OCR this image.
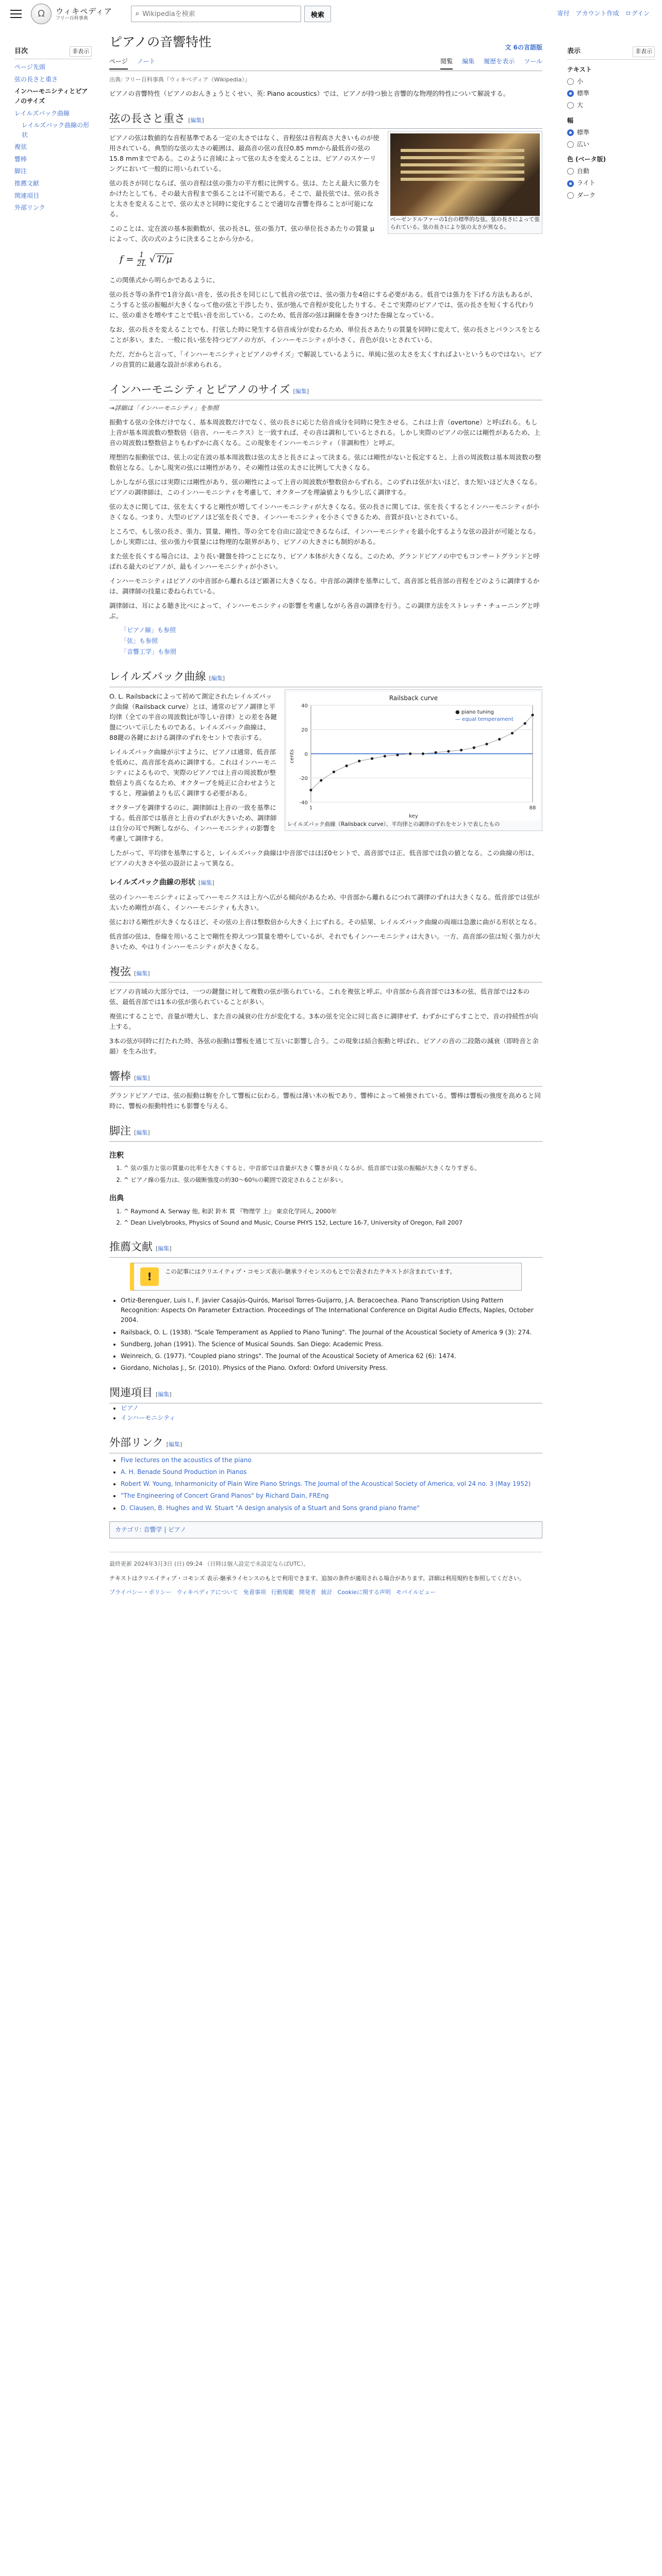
Ω	ウィキペディア
フリー百科事典
⌕
Wikipediaを検索	検索	寄付 アカウント作成 ログイン
目次	非表示
ページ先頭
弦の長さと重さ
インハーモニシティとピアノのサイズ
レイルズバック曲線
レイルズバック曲線の形状
複弦
響棒
脚注
推薦文献
関連項目
外部リンク
ピアノの音響特性	文 6の言語版
ページ ノート	閲覧 編集 履歴を表示 ツール
出典: フリー百科事典『ウィキペディア（Wikipedia）』

ピアノの音響特性（ピアノのおんきょうとくせい、英: Piano acoustics）では、ピアノが持つ独と音響的な物理的特性について解説する。

弦の長さと重さ [編集]
ベーゼンドルファーの1台の標準的な弦。弦の長さによって張られている。弦の長さにより弦の太さが異なる。

ピアノの弦は数値的な音程基準である一定の太さではなく、音程弦は音程高さ大きいものが使用されている。典型的な弦の太さの範囲は、最高音の弦の直径0.85 mmから最低音の弦の15.8 mmまでである。このように音域によって弦の太さを変えることは、ピアノのスケーリングにおいて一般的に用いられている。

弦の長さが同じならば、弦の音程は弦の張力の平方根に比例する。弦は、たとえ最大に張力をかけたとしても、その最大音程まで張ることは不可能である。そこで、最長弦では、弦の長さと太さを変えることで、弦の太さと同時に変化することで適切な音響を得ることが可能になる。

このことは、定在波の基本振動数が、弦の長さL、弦の張力T、弦の単位長さあたりの質量 μ によって、次の式のように決まることから分かる。

$f = \frac{1}{2L}$ √ T/μ

この関係式から明らかであるように、

弦の長さ等の条件で1音分高い音を、弦の長さを同じにして低音の弦では、弦の張力を4倍にする必要がある。低音では張力を下げる方法もあるが、こうすると弦の振幅が大きくなって他の弦と干渉したり、弦が弛んで音程が変化したりする。そこで実際のピアノでは、弦の長さを短くする代わりに、弦の重さを増やすことで低い音を出している。このため、低音部の弦は銅線を巻きつけた巻線となっている。

なお、弦の長さを変えることでも、打弦した時に発生する倍音成分が変わるため、単位長さあたりの質量を同時に変えて、弦の長さとバランスをとることが多い。また、一般に長い弦を持つピアノの方が、インハーモニシティが小さく、音色が良いとされている。

ただ、だからと言って、「インハーモニシティとピアノのサイズ」で解説しているように、単純に弦の太さを太くすればよいというものではない。ピアノの音質的に最適な設計が求められる。

インハーモニシティとピアノのサイズ [編集]
→詳細は「インハーモニシティ」を参照

振動する弦の全体だけでなく、基本周波数だけでなく、弦の長さに応じた倍音成分を同時に発生させる。これは上音（overtone）と呼ばれる。もし上音が基本周波数の整数倍（倍音、ハーモニクス）と一致すれば、その音は調和しているとされる。しかし実際のピアノの弦には剛性があるため、上音の周波数は整数倍よりもわずかに高くなる。この現象をインハーモニシティ（非調和性）と呼ぶ。

理想的な振動弦では、弦上の定在波の基本周波数は弦の太さと長さによって決まる。弦には剛性がないと仮定すると、上音の周波数は基本周波数の整数倍となる。しかし現実の弦には剛性があり、その剛性は弦の太さに比例して大きくなる。

しかしながら弦には実際には剛性があり、弦の剛性によって上音の周波数が整数倍からずれる。このずれは弦が太いほど、また短いほど大きくなる。ピアノの調律師は、このインハーモニシティを考慮して、オクターブを理論値よりも少し広く調律する。

弦の太さに関しては、弦を太くすると剛性が増してインハーモニシティが大きくなる。弦の長さに関しては、弦を長くするとインハーモニシティが小さくなる。つまり、大型のピアノほど弦を長くでき、インハーモニシティを小さくできるため、音質が良いとされている。

ところで、もし弦の長さ、張力、質量、剛性、等の全てを自由に設定できるならば、インハーモニシティを最小化するような弦の設計が可能となる。しかし実際には、弦の張力や質量には物理的な限界があり、ピアノの大きさにも制約がある。

また弦を長くする場合には、より長い鍵盤を持つことになり、ピアノ本体が大きくなる。このため、グランドピアノの中でもコンサートグランドと呼ばれる最大のピアノが、最もインハーモニシティが小さい。

インハーモニシティはピアノの中音部から離れるほど顕著に大きくなる。中音部の調律を基準にして、高音部と低音部の音程をどのように調律するかは、調律師の技量に委ねられている。

調律師は、耳による聴き比べによって、インハーモニシティの影響を考慮しながら各音の調律を行う。この調律方法をストレッチ・チューニングと呼ぶ。

「ピアノ線」も参照
「弦」も参照
「音響工学」も参照
レイルズバック曲線 [編集]
-40
-20
0
20
40
Railsback curve
key
cents
1	88
● piano tuning
— equal temperament
レイルズバック曲線（Railsback curve）、平均律との調律のずれをセントで表したもの

O. L. Railsbackによって初めて測定されたレイルズバック曲線（Railsback curve）とは、通常のピアノ調律と平均律（全ての半音の周波数比が等しい音律）との差を各鍵盤について示したものである。レイルズバック曲線は、88鍵の各鍵における調律のずれをセントで表示する。

レイルズバック曲線が示すように、ピアノは通常、低音部を低めに、高音部を高めに調律する。これはインハーモニシティによるもので、実際のピアノでは上音の周波数が整数倍より高くなるため、オクターブを純正に合わせようとすると、理論値よりも広く調律する必要がある。

オクターブを調律するのに、調律師は上音の一致を基準にする。低音部では基音と上音のずれが大きいため、調律師は自分の耳で判断しながら、インハーモニシティの影響を考慮して調律する。

したがって、平均律を基準にすると、レイルズバック曲線は中音部ではほぼ0セントで、高音部では正、低音部では負の値となる。この曲線の形は、ピアノの大きさや弦の設計によって異なる。

レイルズバック曲線の形状 [編集]

弦のインハーモニシティによってハーモニクスは上方へ広がる傾向があるため、中音部から離れるにつれて調律のずれは大きくなる。低音部では弦が太いため剛性が高く、インハーモニシティも大きい。

弦における剛性が大きくなるほど、その弦の上音は整数倍から大きく上にずれる。その結果、レイルズバック曲線の両端は急激に曲がる形状となる。

低音部の弦は、巻線を用いることで剛性を抑えつつ質量を増やしているが、それでもインハーモニシティは大きい。一方、高音部の弦は短く張力が大きいため、やはりインハーモニシティが大きくなる。

複弦 [編集]

ピアノの音域の大部分では、一つの鍵盤に対して複数の弦が張られている。これを複弦と呼ぶ。中音部から高音部では3本の弦、低音部では2本の弦、最低音部では1本の弦が張られていることが多い。

複弦にすることで、音量が増大し、また音の減衰の仕方が変化する。3本の弦を完全に同じ高さに調律せず、わずかにずらすことで、音の持続性が向上する。

3本の弦が同時に打たれた時、各弦の振動は響板を通じて互いに影響し合う。この現象は結合振動と呼ばれ、ピアノの音の二段階の減衰（即時音と余韻）を生み出す。

響棒 [編集]

グランドピアノでは、弦の振動は駒を介して響板に伝わる。響板は薄い木の板であり、響棒によって補強されている。響棒は響板の強度を高めると同時に、響板の振動特性にも影響を与える。

脚注 [編集]
注釈
1. ^ 弦の張力と弦の質量の比率を大きくすると、中音部では音量が大きく響きが良くなるが、低音部では弦の振幅が大きくなりすぎる。
2. ^ ピアノ線の張力は、弦の破断強度の約30～60％の範囲で設定されることが多い。
出典
1. ^ Raymond A. Serway 他, 和訳 鈴木 貫 『物理学 上』 東京化学同人, 2000年
2. ^ Dean Livelybrooks, Physics of Sound and Music, Course PHYS 152, Lecture 16-7, University of Oregon, Fall 2007
推薦文献 [編集]
!	この記事にはクリエイティブ・コモンズ表示-継承ライセンスのもとで公表されたテキストが含まれています。
• Ortiz-Berenguer, Luis I., F. Javier Casajús-Quirós, Marisol Torres-Guijarro, J.A. Beracoechea. Piano Transcription Using Pattern Recognition: Aspects On Parameter Extraction. Proceedings of The International Conference on Digital Audio Effects, Naples, October 2004.
• Railsback, O. L. (1938). "Scale Temperament as Applied to Piano Tuning". The Journal of the Acoustical Society of America 9 (3): 274.
• Sundberg, Johan (1991). The Science of Musical Sounds. San Diego: Academic Press.
• Weinreich, G. (1977). "Coupled piano strings". The Journal of the Acoustical Society of America 62 (6): 1474.
• Giordano, Nicholas J., Sr. (2010). Physics of the Piano. Oxford: Oxford University Press.
関連項目 [編集]
• ピアノ
• インハーモニシティ
外部リンク [編集]
• Five lectures on the acoustics of the piano
• A. H. Benade Sound Production in Pianos
• Robert W. Young, Inharmonicity of Plain Wire Piano Strings. The Journal of the Acoustical Society of America, vol 24 no. 3 (May 1952)
• "The Engineering of Concert Grand Pianos" by Richard Dain, FREng
• D. Clausen, B. Hughes and W. Stuart "A design analysis of a Stuart and Sons grand piano frame"
カテゴリ: 音響学 | ピアノ
最終更新 2024年3月3日 (日) 09:24 （日時は個人設定で未設定ならばUTC）。
テキストはクリエイティブ・コモンズ 表示-継承ライセンスのもとで利用できます。追加の条件が適用される場合があります。詳細は利用規約を参照してください。
プライバシー・ポリシー ウィキペディアについて 免責事項 行動規範 開発者 統計 Cookieに関する声明 モバイルビュー
表示	非表示
テキスト
小
標準
大
幅
標準
広い
色 (ベータ版)
自動
ライト
ダーク
